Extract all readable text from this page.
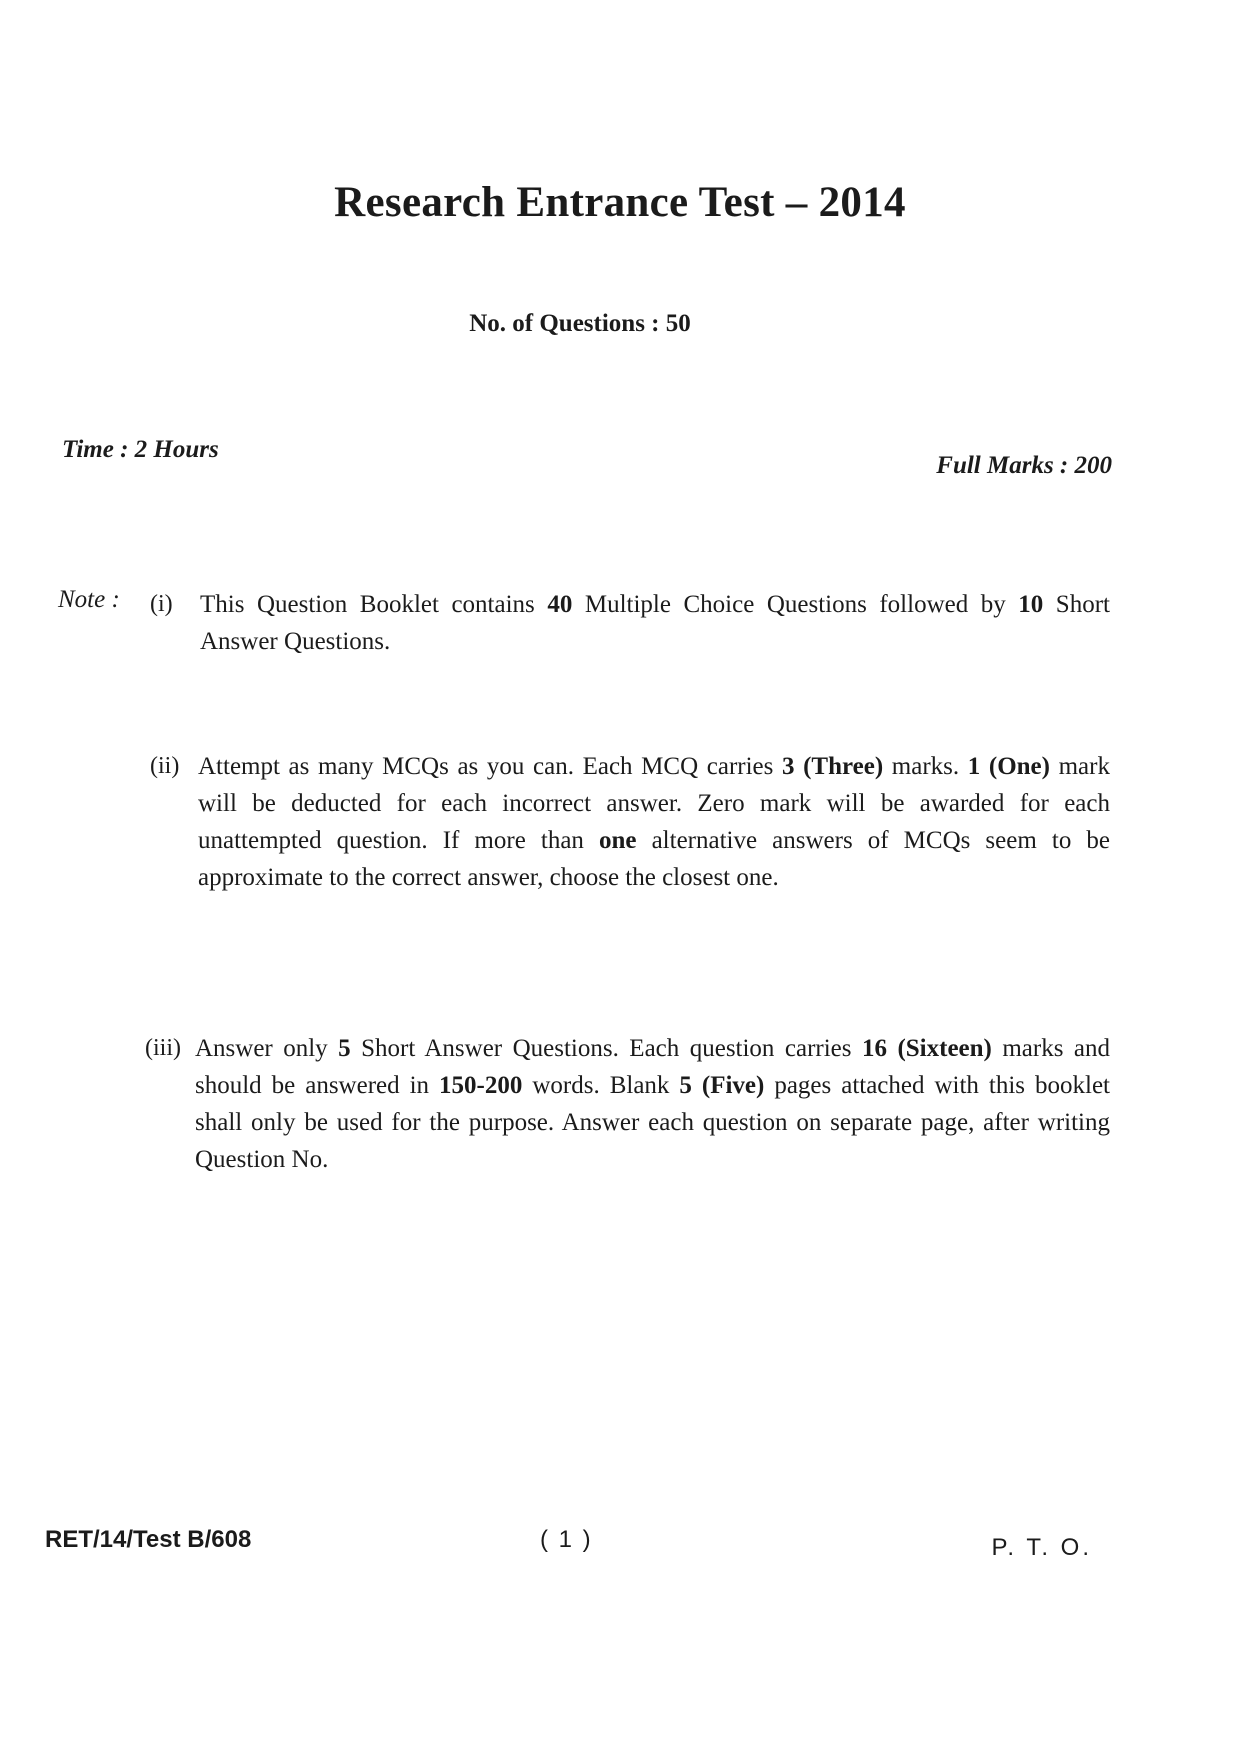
Research Entrance Test – 2014
No. of Questions : 50
Time : 2 Hours
Full Marks : 200
Note : (i) This Question Booklet contains 40 Multiple Choice Questions followed by 10 Short Answer Questions.
(ii) Attempt as many MCQs as you can. Each MCQ carries 3 (Three) marks. 1 (One) mark will be deducted for each incorrect answer. Zero mark will be awarded for each unattempted question. If more than one alternative answers of MCQs seem to be approximate to the correct answer, choose the closest one.
(iii) Answer only 5 Short Answer Questions. Each question carries 16 (Sixteen) marks and should be answered in 150-200 words. Blank 5 (Five) pages attached with this booklet shall only be used for the purpose. Answer each question on separate page, after writing Question No.
RET/14/Test B/608	( 1 )	P. T. O.
